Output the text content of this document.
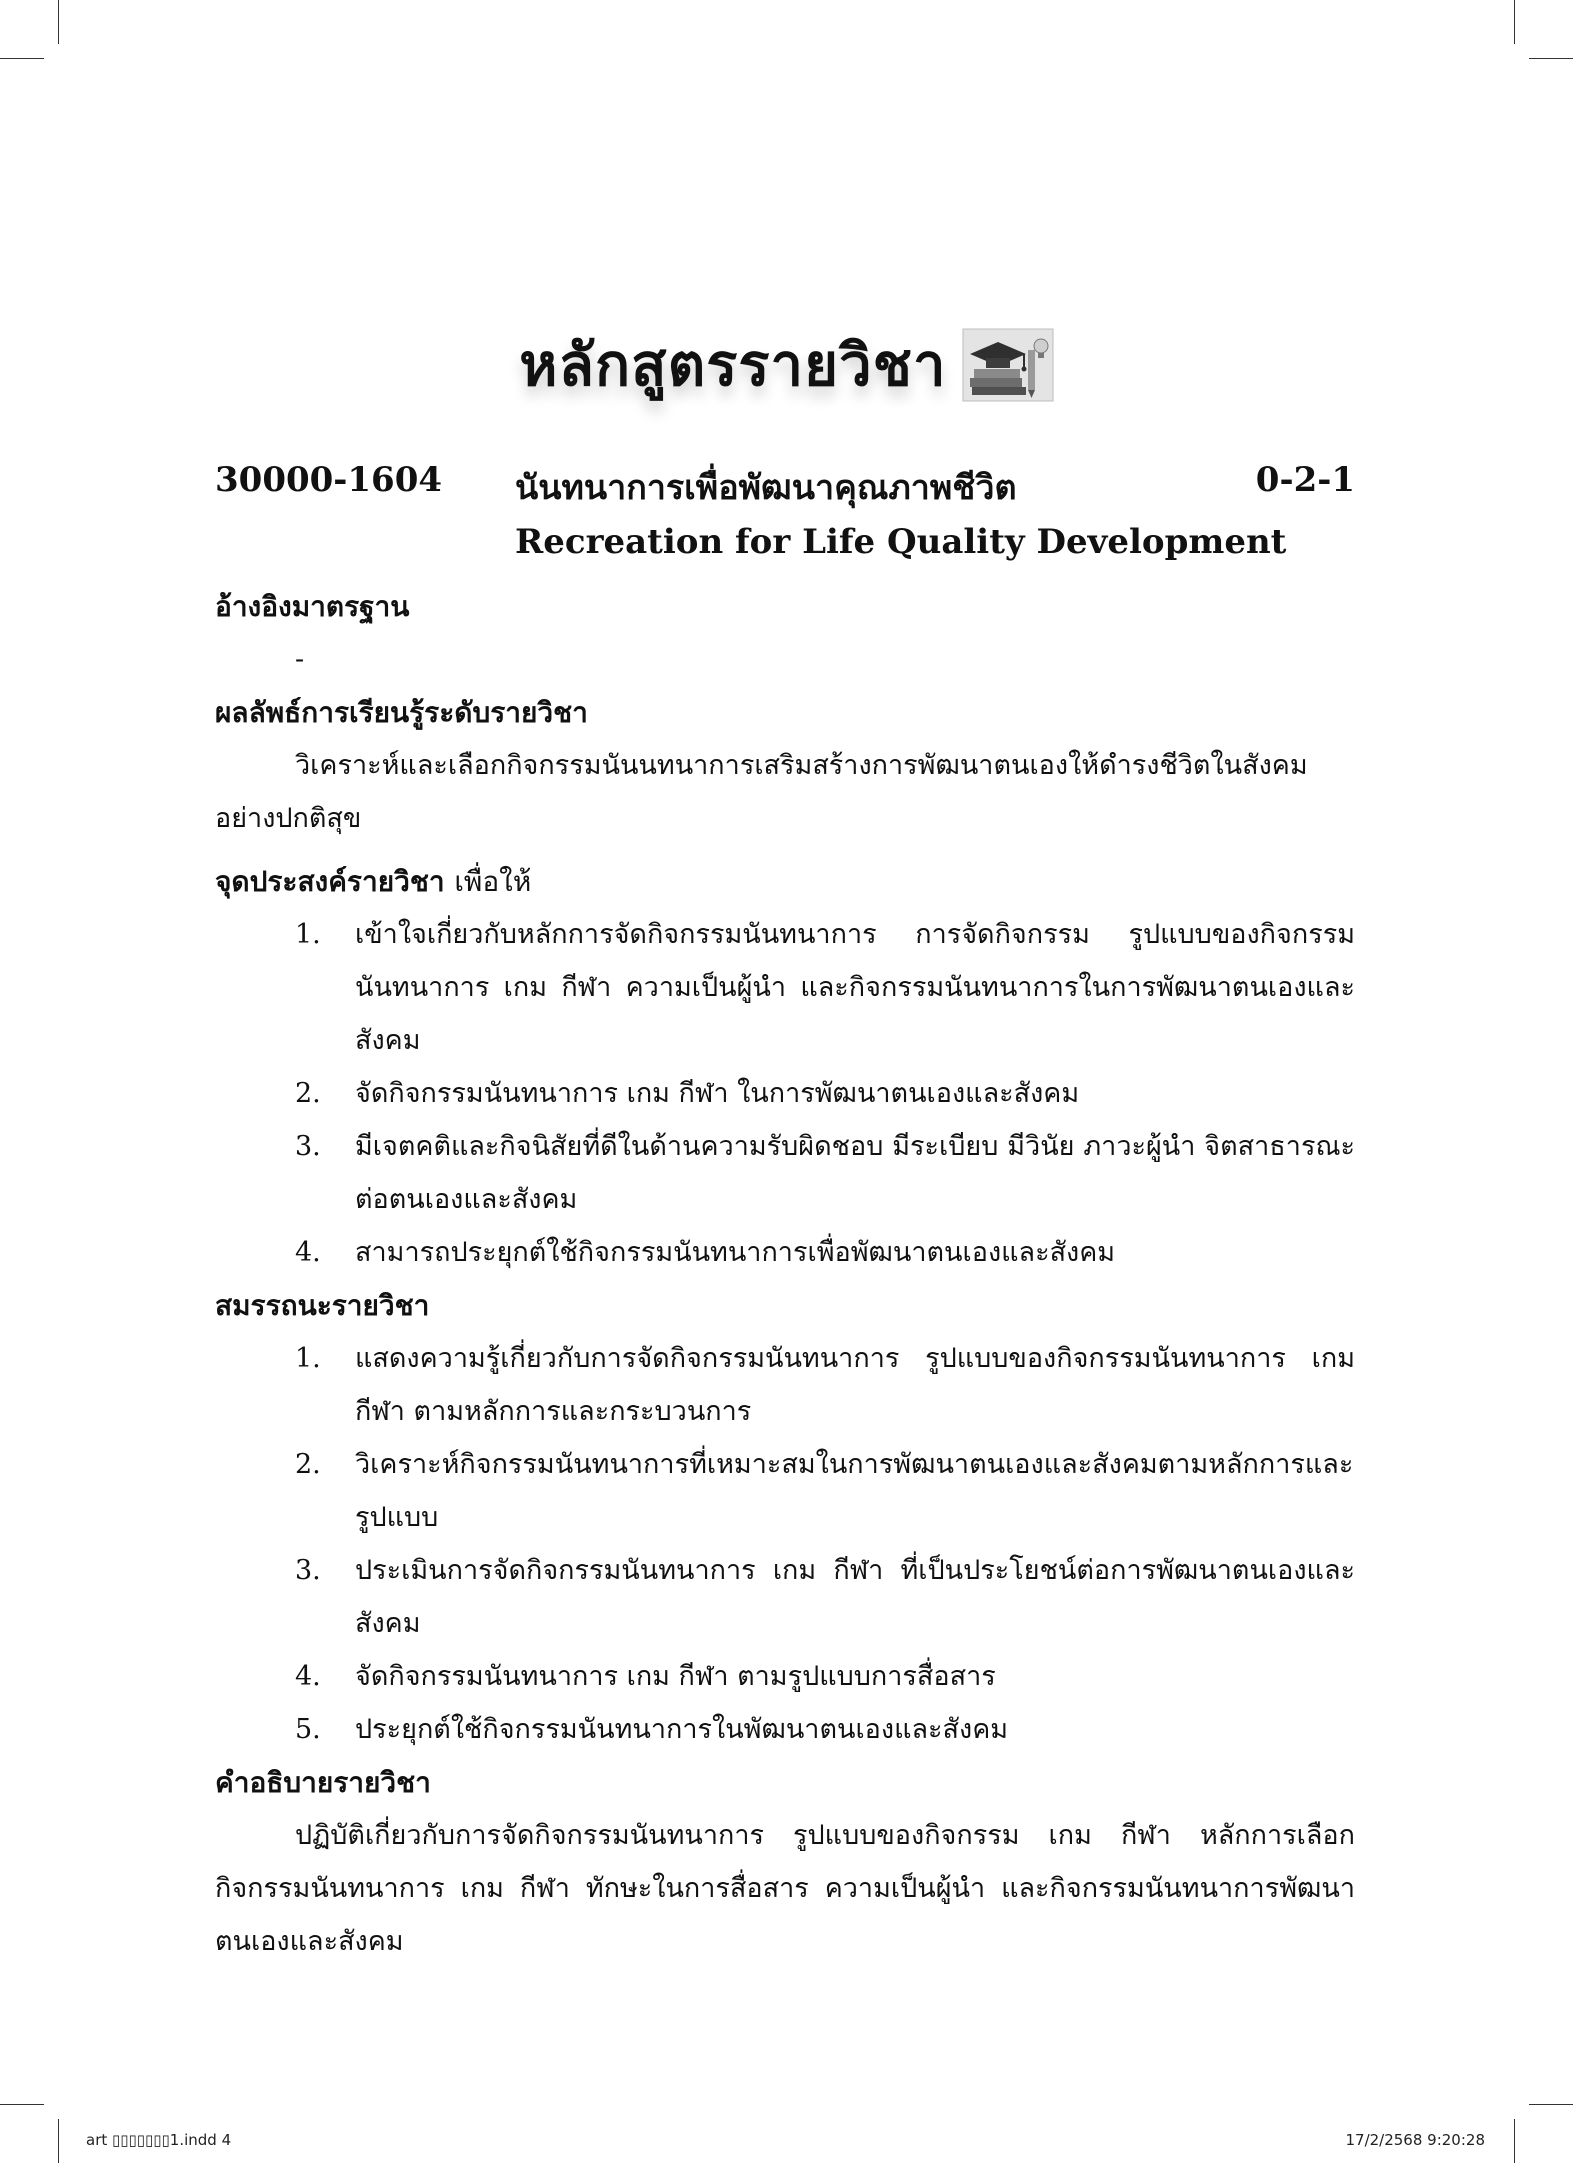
หลักสูตรรายวิชา
30000-1604 นันทนาการเพื่อพัฒนาคุณภาพชีวิต	0-2-1
Recreation for Life Quality Development

อ้างอิงมาตรฐาน

-

ผลลัพธ์การเรียนรู้ระดับรายวิชา

วิเคราะห์และเลือกกิจกรรมนันนทนาการเสริมสร้างการพัฒนาตนเองให้ดำรงชีวิตในสังคมอย่างปกติสุข

จุดประสงค์รายวิชา เพื่อให้

1. เข้าใจเกี่ยวกับหลักการจัดกิจกรรมนันทนาการ การจัดกิจกรรม รูปแบบของกิจกรรมนันทนาการ เกม กีฬา ความเป็นผู้นำ และกิจกรรมนันทนาการในการพัฒนาตนเองและสังคม
2. จัดกิจกรรมนันทนาการ เกม กีฬา ในการพัฒนาตนเองและสังคม
3. มีเจตคติและกิจนิสัยที่ดีในด้านความรับผิดชอบ มีระเบียบ มีวินัย ภาวะผู้นำ จิตสาธารณะ ต่อตนเองและสังคม
4. สามารถประยุกต์ใช้กิจกรรมนันทนาการเพื่อพัฒนาตนเองและสังคม

สมรรถนะรายวิชา

1. แสดงความรู้เกี่ยวกับการจัดกิจกรรมนันทนาการ รูปแบบของกิจกรรมนันทนาการ เกม กีฬา ตามหลักการและกระบวนการ
2. วิเคราะห์กิจกรรมนันทนาการที่เหมาะสมในการพัฒนาตนเองและสังคมตามหลักการและรูปแบบ
3. ประเมินการจัดกิจกรรมนันทนาการ เกม กีฬา ที่เป็นประโยชน์ต่อการพัฒนาตนเองและสังคม
4. จัดกิจกรรมนันทนาการ เกม กีฬา ตามรูปแบบการสื่อสาร
5. ประยุกต์ใช้กิจกรรมนันทนาการในพัฒนาตนเองและสังคม

คำอธิบายรายวิชา

ปฏิบัติเกี่ยวกับการจัดกิจกรรมนันทนาการ รูปแบบของกิจกรรม เกม กีฬา หลักการเลือกกิจกรรมนันทนาการ เกม กีฬา ทักษะในการสื่อสาร ความเป็นผู้นำ และกิจกรรมนันทนาการพัฒนาตนเองและสังคม

art ▯▯▯▯▯▯▯1.indd 4	17/2/2568 9:20:28
